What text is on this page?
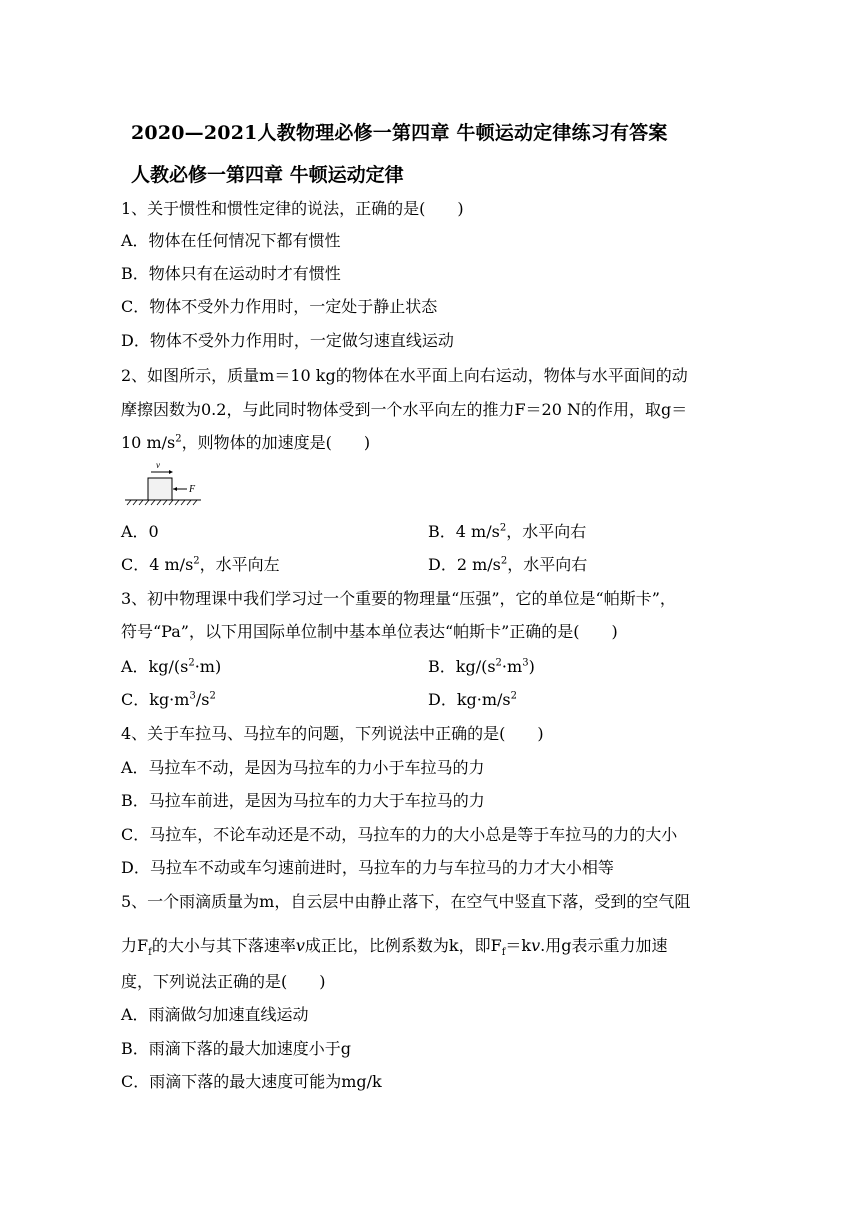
2020—2021人教物理必修一第四章 牛顿运动定律练习有答案
人教必修一第四章 牛顿运动定律
1、关于惯性和惯性定律的说法，正确的是(　　)
A．物体在任何情况下都有惯性
B．物体只有在运动时才有惯性
C．物体不受外力作用时，一定处于静止状态
D．物体不受外力作用时，一定做匀速直线运动
2、如图所示，质量m＝10 kg的物体在水平面上向右运动，物体与水平面间的动
摩擦因数为0.2，与此同时物体受到一个水平向左的推力F＝20 N的作用，取g＝
10 $m/s^2$，则物体的加速度是(　　)
v
F
A．0	B．4 $m/s^2$，水平向右
C．4 $m/s^2$，水平向左	D．2 $m/s^2$，水平向右
3、初中物理课中我们学习过一个重要的物理量“压强”，它的单位是“帕斯卡”，
符号“Pa”，以下用国际单位制中基本单位表达“帕斯卡”正确的是(　　)
A．$kg/(s^2\cdot m)$	B．$kg/(s^2\cdot m^3)$
C．$kg\cdot m^3/s^2$	D．$kg\cdot m/s^2$
4、关于车拉马、马拉车的问题，下列说法中正确的是(　　)
A．马拉车不动，是因为马拉车的力小于车拉马的力
B．马拉车前进，是因为马拉车的力大于车拉马的力
C．马拉车，不论车动还是不动，马拉车的力的大小总是等于车拉马的力的大小
D．马拉车不动或车匀速前进时，马拉车的力与车拉马的力才大小相等
5、一个雨滴质量为m，自云层中由静止落下，在空气中竖直下落，受到的空气阻
力$F_f$的大小与其下落速率v成正比，比例系数为k，即$F_f=kv$.用g表示重力加速
度，下列说法正确的是(　　)
A．雨滴做匀加速直线运动
B．雨滴下落的最大加速度小于g
C．雨滴下落的最大速度可能为mg/k
